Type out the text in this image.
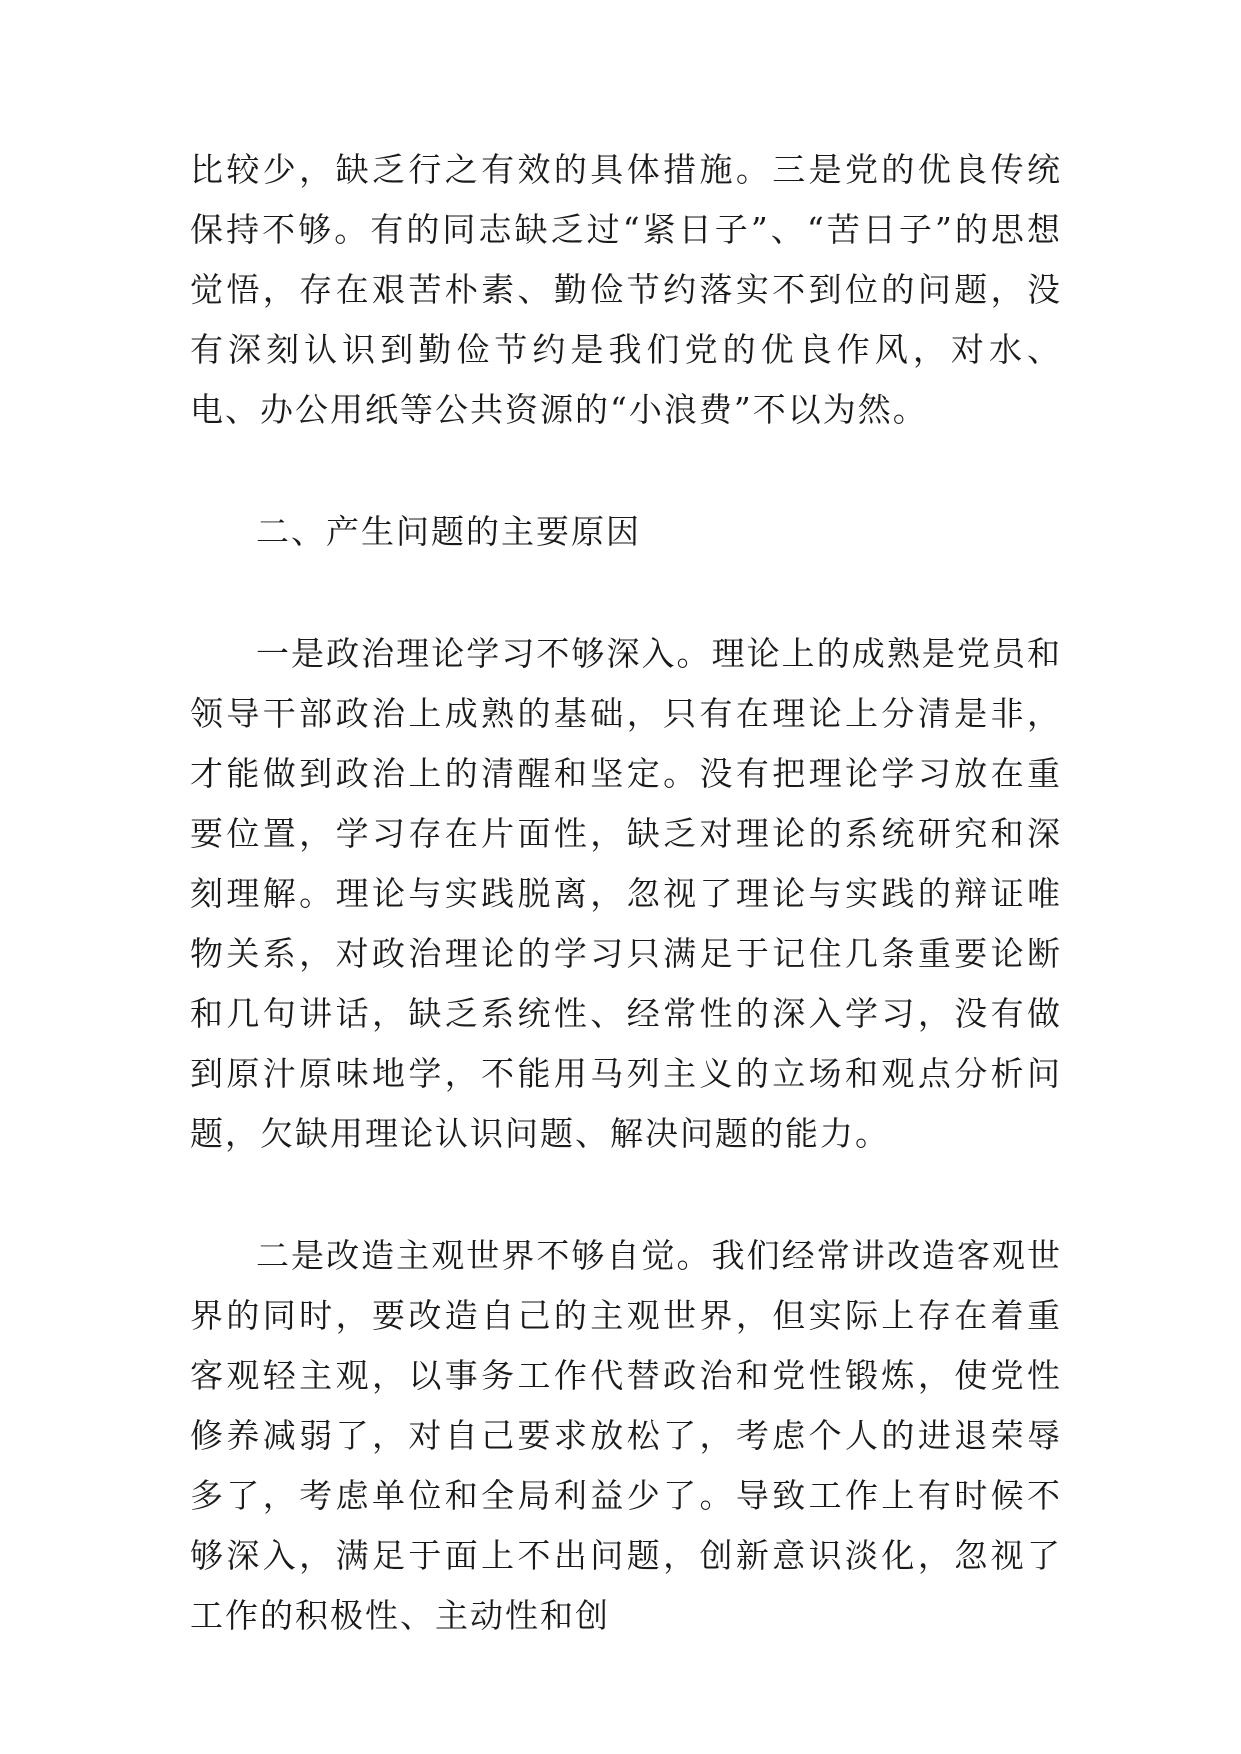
比较少，缺乏行之有效的具体措施。三是党的优良传统保持不够。有的同志缺乏过“紧日子”、“苦日子”的思想觉悟，存在艰苦朴素、勤俭节约落实不到位的问题，没有深刻认识到勤俭节约是我们党的优良作风，对水、电、办公用纸等公共资源的“小浪费”不以为然。

二、产生问题的主要原因

一是政治理论学习不够深入。理论上的成熟是党员和领导干部政治上成熟的基础，只有在理论上分清是非，才能做到政治上的清醒和坚定。没有把理论学习放在重要位置，学习存在片面性，缺乏对理论的系统研究和深刻理解。理论与实践脱离，忽视了理论与实践的辩证唯物关系，对政治理论的学习只满足于记住几条重要论断和几句讲话，缺乏系统性、经常性的深入学习，没有做到原汁原味地学，不能用马列主义的立场和观点分析问题，欠缺用理论认识问题、解决问题的能力。

二是改造主观世界不够自觉。我们经常讲改造客观世界的同时，要改造自己的主观世界，但实际上存在着重客观轻主观，以事务工作代替政治和党性锻炼，使党性修养减弱了，对自己要求放松了，考虑个人的进退荣辱多了，考虑单位和全局利益少了。导致工作上有时候不够深入，满足于面上不出问题，创新意识淡化，忽视了工作的积极性、主动性和创
